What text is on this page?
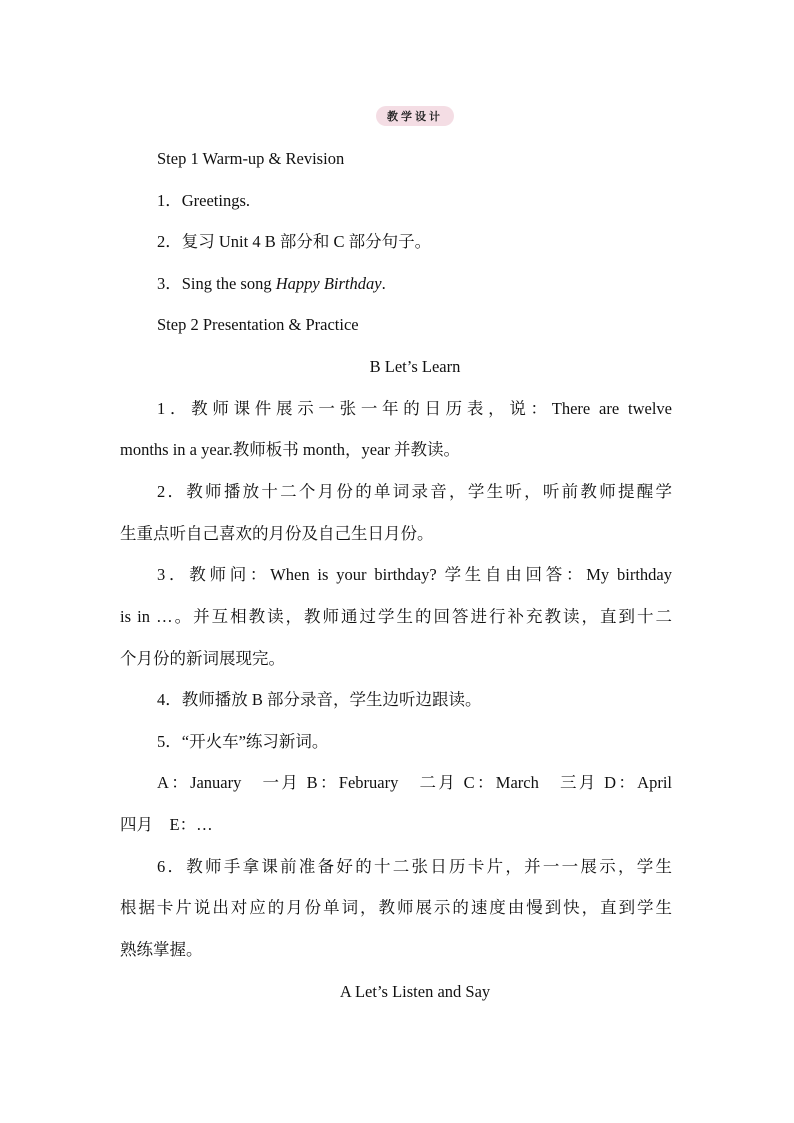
教学设计
Step 1 Warm-up & Revision
1．Greetings.
2．复习 Unit 4 B 部分和 C 部分句子。
3．Sing the song Happy Birthday.
Step 2 Presentation & Practice
B Let’s Learn
1．教师课件展示一张一年的日历表，说：There are twelve
months in a year.教师板书 month，year 并教读。
2．教师播放十二个月份的单词录音，学生听，听前教师提醒学
生重点听自己喜欢的月份及自己生日月份。
3．教师问：When is your birthday? 学生自由回答：My birthday
is in …。并互相教读，教师通过学生的回答进行补充教读，直到十二
个月份的新词展现完。
4．教师播放 B 部分录音，学生边听边跟读。
5．“开火车”练习新词。
A：January　一月 B：February　二月 C：March　三月 D：April
四月　E：…
6．教师手拿课前准备好的十二张日历卡片，并一一展示，学生
根据卡片说出对应的月份单词，教师展示的速度由慢到快，直到学生
熟练掌握。
A Let’s Listen and Say
